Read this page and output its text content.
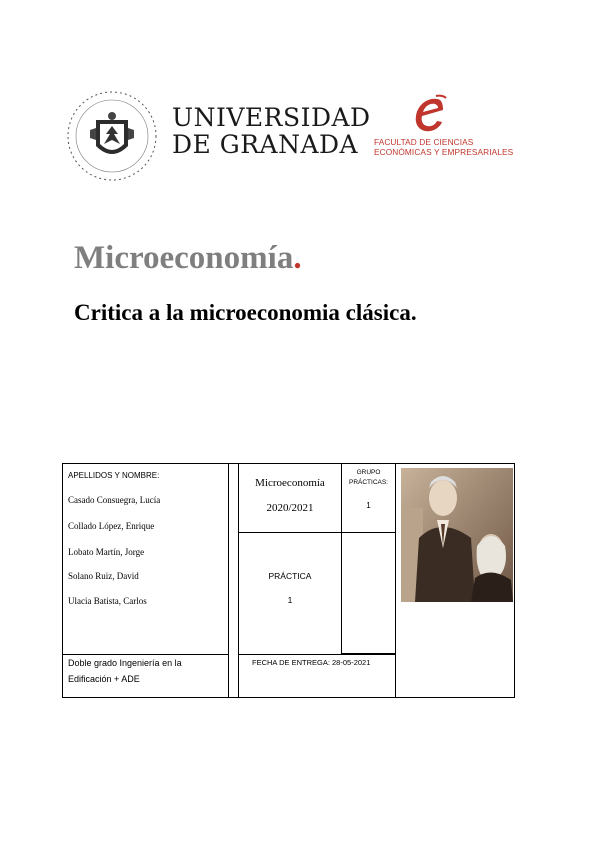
UNIVERSIDAD
DE GRANADA	FACULTAD DE CIENCIAS
ECONÓMICAS Y EMPRESARIALES
Microeconomía.
Critica a la microeconomia clásica.
APELLIDOS Y NOMBRE:
Casado Consuegra, Lucía
Collado López, Enrique
Lobato Martín, Jorge
Solano Ruiz, David
Ulacia Batista, Carlos
Doble grado Ingeniería en la
Edificación + ADE
Microeconomía
2020/2021
GRUPO
PRÁCTICAS:
1
PRÁCTICA
1
FECHA DE ENTREGA: 28-05-2021
